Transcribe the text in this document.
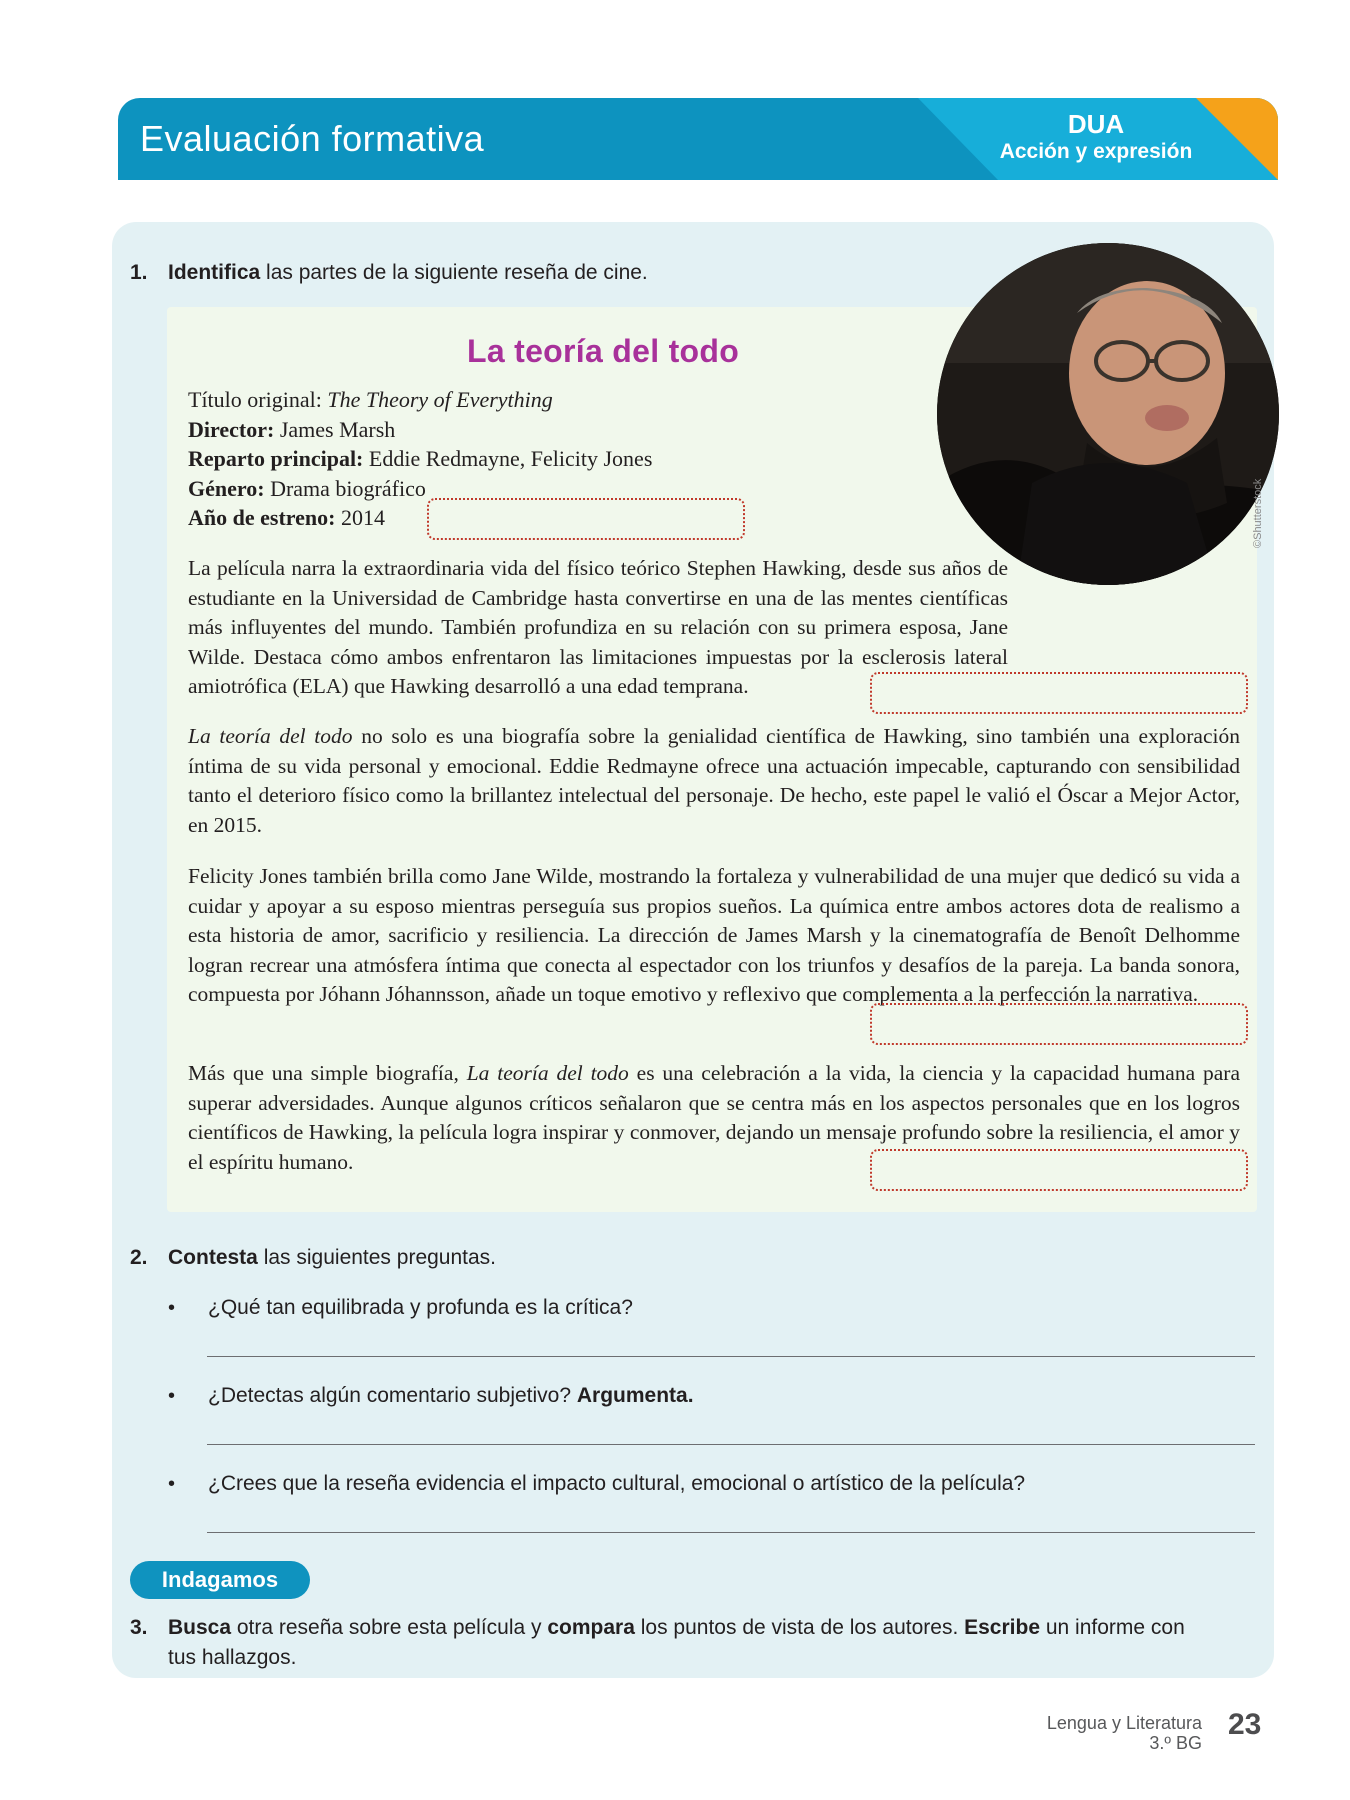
Evaluación formativa	DUA
Acción y expresión
1. Identifica las partes de la siguiente reseña de cine.
La teoría del todo
Título original: The Theory of Everything
Director: James Marsh
Reparto principal: Eddie Redmayne, Felicity Jones
Género: Drama biográfico
Año de estreno: 2014
La película narra la extraordinaria vida del físico teórico Stephen Hawking, desde sus años de estudiante en la Universidad de Cambridge hasta convertirse en una de las mentes científicas más influyentes del mundo. También profundiza en su relación con su primera esposa, Jane Wilde. Destaca cómo ambos enfrentaron las limitaciones impuestas por la esclerosis lateral amiotrófica (ELA) que Hawking desarrolló a una edad temprana.
La teoría del todo no solo es una biografía sobre la genialidad científica de Hawking, sino también una exploración íntima de su vida personal y emocional. Eddie Redmayne ofrece una actuación impecable, capturando con sensibilidad tanto el deterioro físico como la brillantez intelectual del personaje. De hecho, este papel le valió el Óscar a Mejor Actor, en 2015.
Felicity Jones también brilla como Jane Wilde, mostrando la fortaleza y vulnerabilidad de una mujer que dedicó su vida a cuidar y apoyar a su esposo mientras perseguía sus propios sueños. La química entre ambos actores dota de realismo a esta historia de amor, sacrificio y resiliencia. La dirección de James Marsh y la cinematografía de Benoît Delhomme logran recrear una atmósfera íntima que conecta al espectador con los triunfos y desafíos de la pareja. La banda sonora, compuesta por Jóhann Jóhannsson, añade un toque emotivo y reflexivo que complementa a la perfección la narrativa.
Más que una simple biografía, La teoría del todo es una celebración a la vida, la ciencia y la capacidad humana para superar adversidades. Aunque algunos críticos señalaron que se centra más en los aspectos personales que en los logros científicos de Hawking, la película logra inspirar y conmover, dejando un mensaje profundo sobre la resiliencia, el amor y el espíritu humano.
©Shutterstock
2. Contesta las siguientes preguntas.
• ¿Qué tan equilibrada y profunda es la crítica?
• ¿Detectas algún comentario subjetivo? Argumenta.
• ¿Crees que la reseña evidencia el impacto cultural, emocional o artístico de la película?
Indagamos
3. Busca otra reseña sobre esta película y compara los puntos de vista de los autores. Escribe un informe con
tus hallazgos.
Lengua y Literatura
3.º BG
23
